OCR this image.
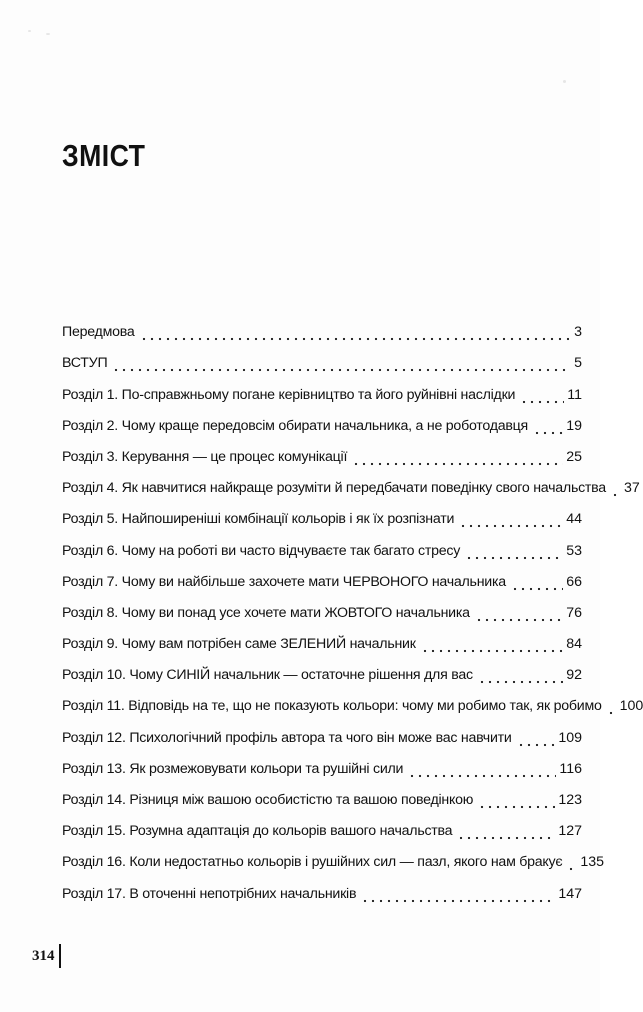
ЗМІСТ
Передмова	3
ВСТУП	5
Розділ 1. По-справжньому погане керівництво та його руйнівні наслідки	11
Розділ 2. Чому краще передовсім обирати начальника, а не роботодавця	19
Розділ 3. Керування — це процес комунікації	25
Розділ 4. Як навчитися найкраще розуміти й передбачати поведінку свого начальства 37
Розділ 5. Найпоширеніші комбінації кольорів і як їх розпізнати	44
Розділ 6. Чому на роботі ви часто відчуваєте так багато стресу	53
Розділ 7. Чому ви найбільше захочете мати ЧЕРВОНОГО начальника	66
Розділ 8. Чому ви понад усе хочете мати ЖОВТОГО начальника	76
Розділ 9. Чому вам потрібен саме ЗЕЛЕНИЙ начальник	84
Розділ 10. Чому СИНІЙ начальник — остаточне рішення для вас	92
Розділ 11. Відповідь на те, що не показують кольори: чому ми робимо так, як робимо 100
Розділ 12. Психологічний профіль автора та чого він може вас навчити	109
Розділ 13. Як розмежовувати кольори та рушійні сили	116
Розділ 14. Різниця між вашою особистістю та вашою поведінкою	123
Розділ 15. Розумна адаптація до кольорів вашого начальства	127
Розділ 16. Коли недостатньо кольорів і рушійних сил — пазл, якого нам бракує 135
Розділ 17. В оточенні непотрібних начальників	147
314
